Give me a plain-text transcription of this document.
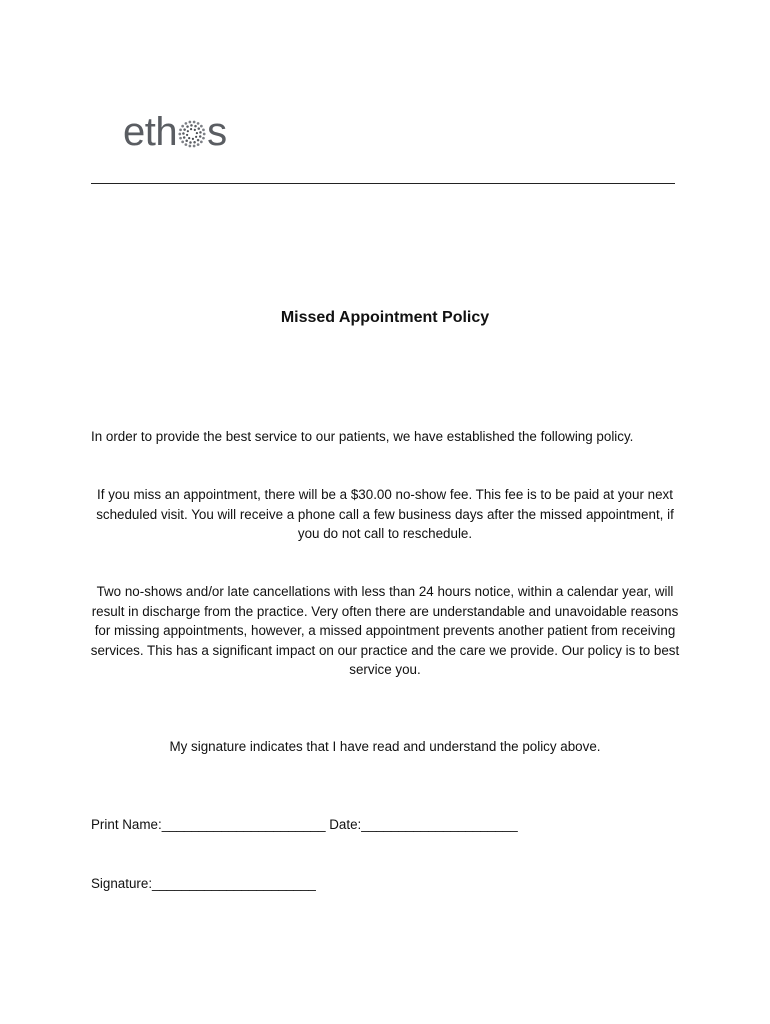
eth s
Missed Appointment Policy
In order to provide the best service to our patients, we have established the following policy.
If you miss an appointment, there will be a $30.00 no-show fee. This fee is to be paid at your next scheduled visit. You will receive a phone call a few business days after the missed appointment, if you do not call to reschedule.
Two no-shows and/or late cancellations with less than 24 hours notice, within a calendar year, will result in discharge from the practice. Very often there are understandable and unavoidable reasons for missing appointments, however, a missed appointment prevents another patient from receiving services. This has a significant impact on our practice and the care we provide. Our policy is to best service you.
My signature indicates that I have read and understand the policy above.
Print Name:______________________ Date:_____________________
Signature:______________________
